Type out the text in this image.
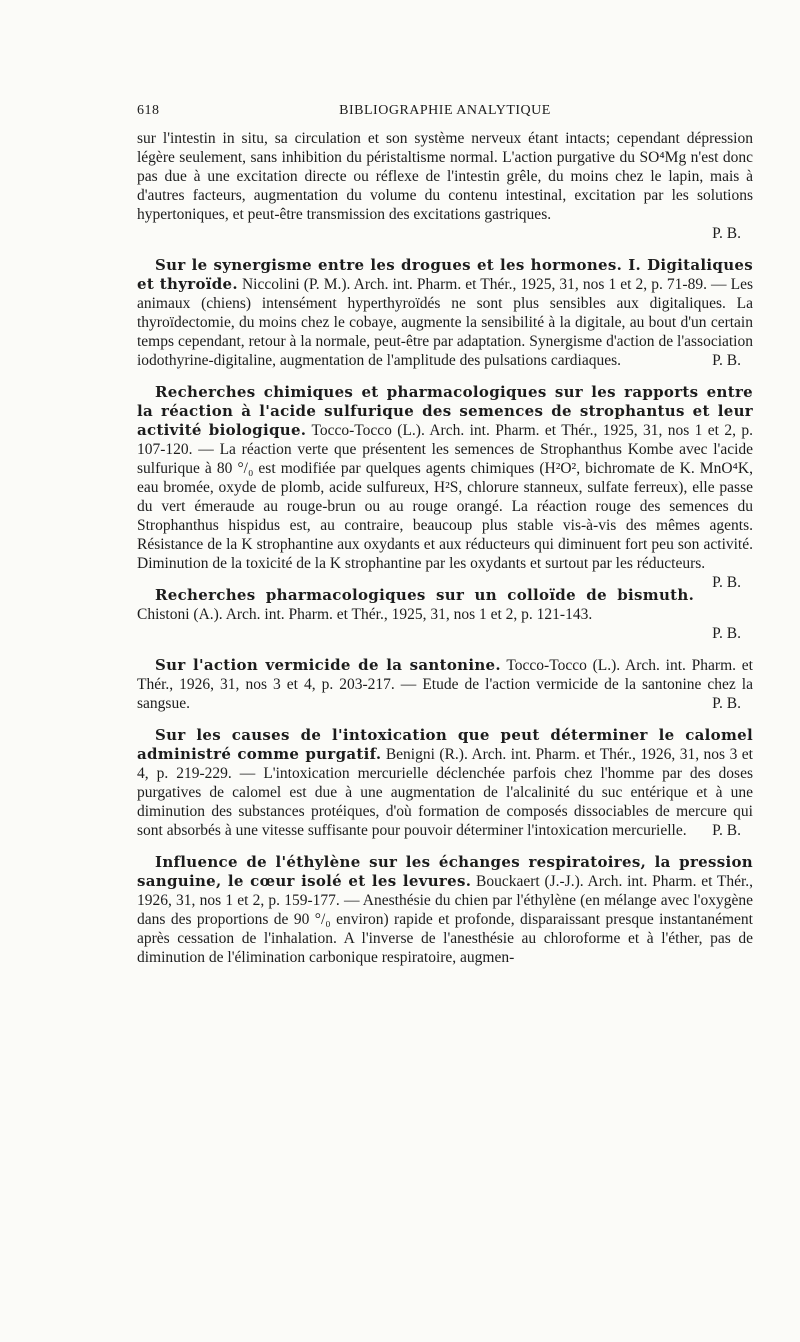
618	BIBLIOGRAPHIE ANALYTIQUE

sur l'intestin in situ, sa circulation et son système nerveux étant intacts; cependant dépression légère seulement, sans inhibition du péristaltisme normal. L'action purgative du SO⁴Mg n'est donc pas due à une excitation directe ou réflexe de l'intestin grêle, du moins chez le lapin, mais à d'autres facteurs, augmentation du volume du contenu intestinal, excitation par les solutions hypertoniques, et peut-être transmission des excitations gastriques.

P. B.

Sur le synergisme entre les drogues et les hormones. I. Digitaliques et thyroïde. Niccolini (P. M.). Arch. int. Pharm. et Thér., 1925, 31, nos 1 et 2, p. 71-89. — Les animaux (chiens) intensément hyperthyroïdés ne sont plus sensibles aux digitaliques. La thyroïdectomie, du moins chez le cobaye, augmente la sensibilité à la digitale, au bout d'un certain temps cependant, retour à la normale, peut-être par adaptation. Synergisme d'action de l'association iodothyrine-digitaline, augmentation de l'amplitude des pulsations cardiaques.	P. B.

Recherches chimiques et pharmacologiques sur les rapports entre la réaction à l'acide sulfurique des semences de strophantus et leur activité biologique. Tocco-Tocco (L.). Arch. int. Pharm. et Thér., 1925, 31, nos 1 et 2, p. 107-120. — La réaction verte que présentent les semences de Strophanthus Kombe avec l'acide sulfurique à 80 °/₀ est modifiée par quelques agents chimiques (H²O², bichromate de K. MnO⁴K, eau bromée, oxyde de plomb, acide sulfureux, H²S, chlorure stanneux, sulfate ferreux), elle passe du vert émeraude au rouge-brun ou au rouge orangé. La réaction rouge des semences du Strophanthus hispidus est, au contraire, beaucoup plus stable vis-à-vis des mêmes agents. Résistance de la K strophantine aux oxydants et aux réducteurs qui diminuent fort peu son activité. Diminution de la toxicité de la K strophantine par les oxydants et surtout par les réducteurs.
P. B.

Recherches pharmacologiques sur un colloïde de bismuth. Chistoni (A.). Arch. int. Pharm. et Thér., 1925, 31, nos 1 et 2, p. 121-143.

P. B.

Sur l'action vermicide de la santonine. Tocco-Tocco (L.). Arch. int. Pharm. et Thér., 1926, 31, nos 3 et 4, p. 203-217. — Etude de l'action vermicide de la santonine chez la sangsue.	P. B.

Sur les causes de l'intoxication que peut déterminer le calomel administré comme purgatif. Benigni (R.). Arch. int. Pharm. et Thér., 1926, 31, nos 3 et 4, p. 219-229. — L'intoxication mercurielle déclenchée parfois chez l'homme par des doses purgatives de calomel est due à une augmentation de l'alcalinité du suc entérique et à une diminution des substances protéiques, d'où formation de composés dissociables de mercure qui sont absorbés à une vitesse suffisante pour pouvoir déterminer l'intoxication mercurielle.	P. B.

Influence de l'éthylène sur les échanges respiratoires, la pression sanguine, le cœur isolé et les levures. Bouckaert (J.-J.). Arch. int. Pharm. et Thér., 1926, 31, nos 1 et 2, p. 159-177. — Anesthésie du chien par l'éthylène (en mélange avec l'oxygène dans des proportions de 90 °/₀ environ) rapide et profonde, disparaissant presque instantanément après cessation de l'inhalation. A l'inverse de l'anesthésie au chloroforme et à l'éther, pas de diminution de l'élimination carbonique respiratoire, augmen-
